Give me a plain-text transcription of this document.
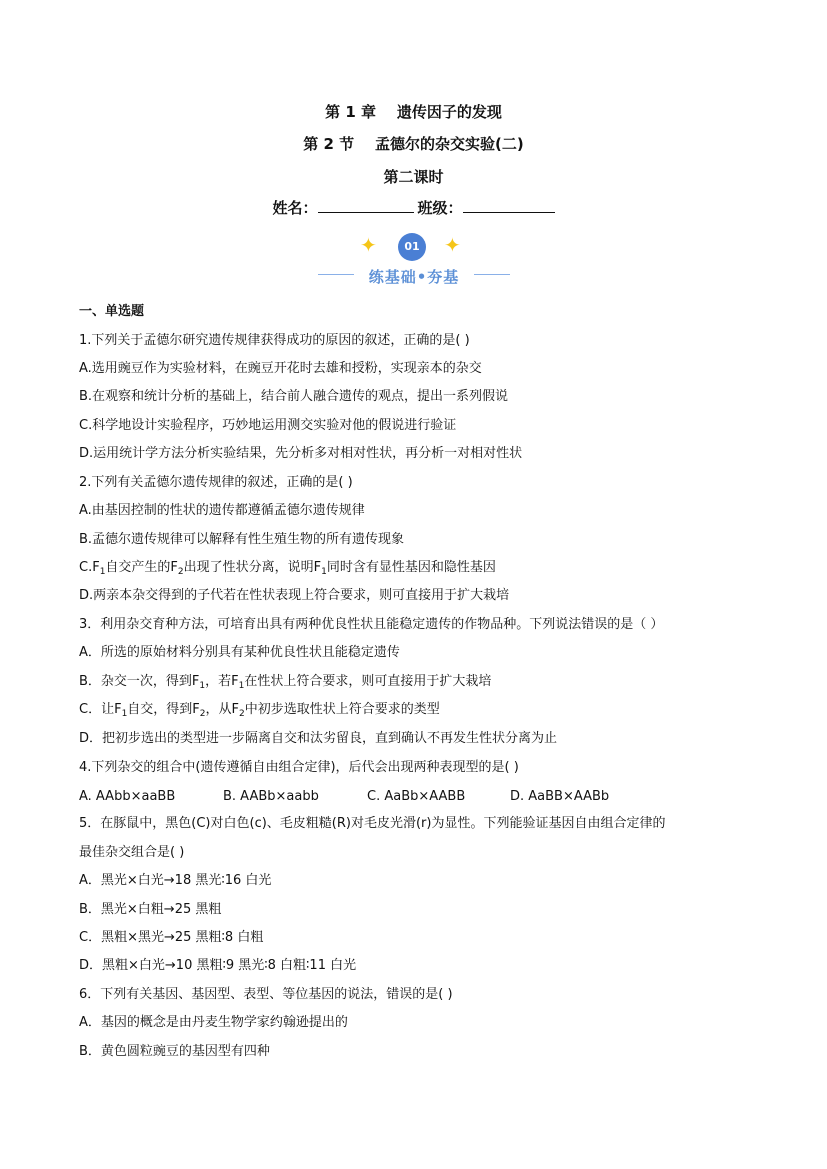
第 1 章    遗传因子的发现
第 2 节    孟德尔的杂交实验(二)
第二课时
姓名：	班级：
✦	01	✦
练基础•夯基
一、单选题
1.下列关于孟德尔研究遗传规律获得成功的原因的叙述，正确的是( )
A.选用豌豆作为实验材料，在豌豆开花时去雄和授粉，实现亲本的杂交
B.在观察和统计分析的基础上，结合前人融合遗传的观点，提出一系列假说
C.科学地设计实验程序，巧妙地运用测交实验对他的假说进行验证
D.运用统计学方法分析实验结果，先分析多对相对性状，再分析一对相对性状
2.下列有关孟德尔遗传规律的叙述，正确的是( )
A.由基因控制的性状的遗传都遵循孟德尔遗传规律
B.孟德尔遗传规律可以解释有性生殖生物的所有遗传现象
$C.F_1$自交产生的$F_2$出现了性状分离，说明$F_1$同时含有显性基因和隐性基因
D.两亲本杂交得到的子代若在性状表现上符合要求，则可直接用于扩大栽培
3．利用杂交育种方法，可培育出具有两种优良性状且能稳定遗传的作物品种。下列说法错误的是（ ）
A．所选的原始材料分别具有某种优良性状且能稳定遗传
B．杂交一次，得到$F_1$，若$F_1$在性状上符合要求，则可直接用于扩大栽培
C．让$F_1$自交，得到$F_2$，从$F_2$中初步选取性状上符合要求的类型
D．把初步选出的类型进一步隔离自交和汰劣留良，直到确认不再发生性状分离为止
4.下列杂交的组合中(遗传遵循自由组合定律)，后代会出现两种表现型的是( )
A. AAbb×aaBB	B. AABb×aabb	C. AaBb×AABB	D. AaBB×AABb
5．在豚鼠中，黑色(C)对白色(c)、毛皮粗糙(R)对毛皮光滑(r)为显性。下列能验证基因自由组合定律的
最佳杂交组合是( )
A．黑光×白光→18 黑光∶16 白光
B．黑光×白粗→25 黑粗
C．黑粗×黑光→25 黑粗∶8 白粗
D．黑粗×白光→10 黑粗∶9 黑光∶8 白粗∶11 白光
6．下列有关基因、基因型、表型、等位基因的说法，错误的是( )
A．基因的概念是由丹麦生物学家约翰逊提出的
B．黄色圆粒豌豆的基因型有四种
